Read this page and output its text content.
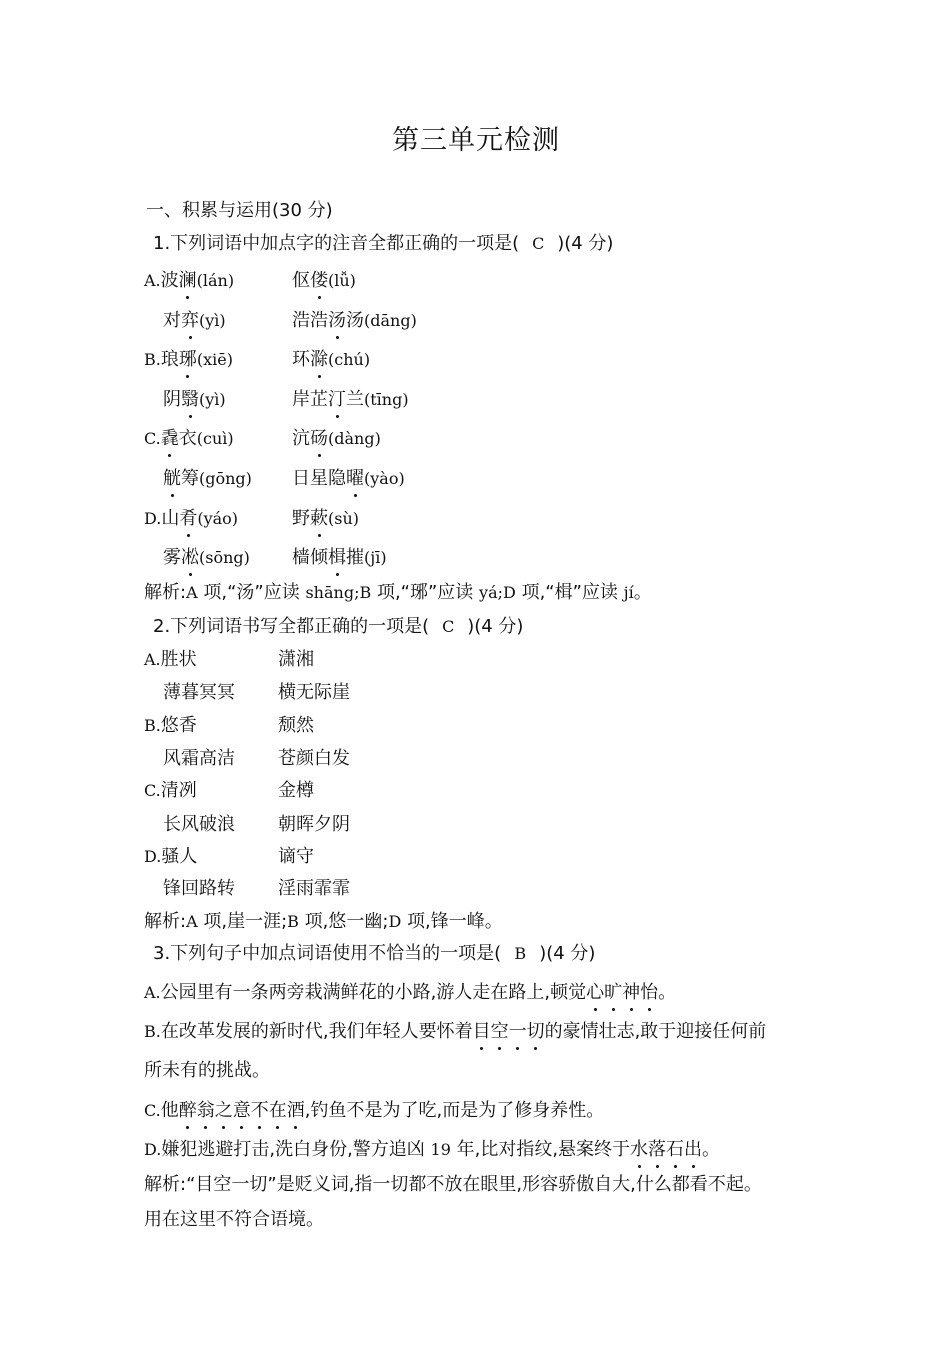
第三单元检测
一、积累与运用(30 分)
1.下列词语中加点字的注音全都正确的一项是( C )(4 分)
A.波澜(lán)	伛偻(lǚ)
对弈(yì)	浩浩汤汤(dāng)
B.琅琊(xiē)	环滁(chú)
阴翳(yì)	岸芷汀兰(tīng)
C.毳衣(cuì)	沆砀(dàng)
觥筹(gōng) 日星隐曜(yào)
D.山肴(yáo)	野蔌(sù)
雾凇(sōng) 樯倾楫摧(jī)
解析:A 项,“汤”应读 shāng;B 项,“琊”应读 yá;D 项,“楫”应读 jí。
2.下列词语书写全都正确的一项是( C )(4 分)
A.胜状	潇湘
薄暮冥冥 横无际崖
B.悠香	颓然
风霜高洁 苍颜白发
C.清冽	金樽
长风破浪 朝晖夕阴
D.骚人	谪守
锋回路转 淫雨霏霏
解析:A 项,崖一涯;B 项,悠一幽;D 项,锋一峰。
3.下列句子中加点词语使用不恰当的一项是( B )(4 分)
A.公园里有一条两旁栽满鲜花的小路,游人走在路上,顿觉心旷神怡。
B.在改革发展的新时代,我们年轻人要怀着目空一切的豪情壮志,敢于迎接任何前
所未有的挑战。
C.他醉翁之意不在酒,钓鱼不是为了吃,而是为了修身养性。
D.嫌犯逃避打击,洗白身份,警方追凶 19 年,比对指纹,悬案终于水落石出。
解析:“目空一切”是贬义词,指一切都不放在眼里,形容骄傲自大,什么都看不起。
用在这里不符合语境。
